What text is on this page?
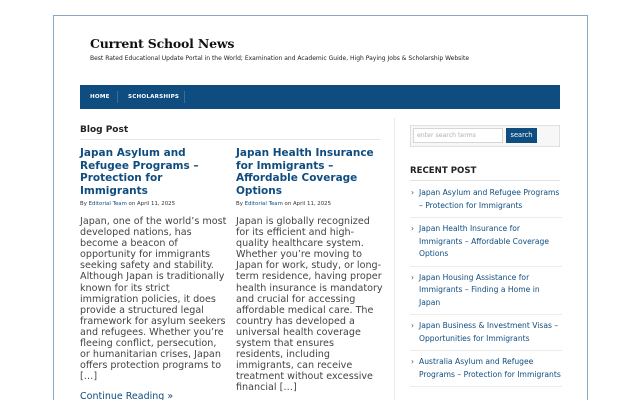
Current School News
Best Rated Educational Update Portal in the World; Examination and Academic Guide, High Paying Jobs & Scholarship Website
HOME	SCHOLARSHIPS
Blog Post
Japan Asylum and Refugee Programs – Protection for Immigrants
By Editorial Team on April 11, 2025
Japan, one of the world’s most developed nations, has become a beacon of opportunity for immigrants seeking safety and stability. Although Japan is traditionally known for its strict immigration policies, it does provide a structured legal framework for asylum seekers and refugees. Whether you’re fleeing conflict, persecution, or humanitarian crises, Japan offers protection programs to […]
Continue Reading »
Japan Health Insurance for Immigrants – Affordable Coverage Options
By Editorial Team on April 11, 2025
Japan is globally recognized for its efficient and high-quality healthcare system. Whether you’re moving to Japan for work, study, or long-term residence, having proper health insurance is mandatory and crucial for accessing affordable medical care. The country has developed a universal health coverage system that ensures residents, including immigrants, can receive treatment without excessive financial […]
enter search terms
search
RECENT POST
› Japan Asylum and Refugee Programs – Protection for Immigrants
› Japan Health Insurance for Immigrants – Affordable Coverage Options
› Japan Housing Assistance for Immigrants – Finding a Home in Japan
› Japan Business & Investment Visas – Opportunities for Immigrants
› Australia Asylum and Refugee Programs – Protection for Immigrants
